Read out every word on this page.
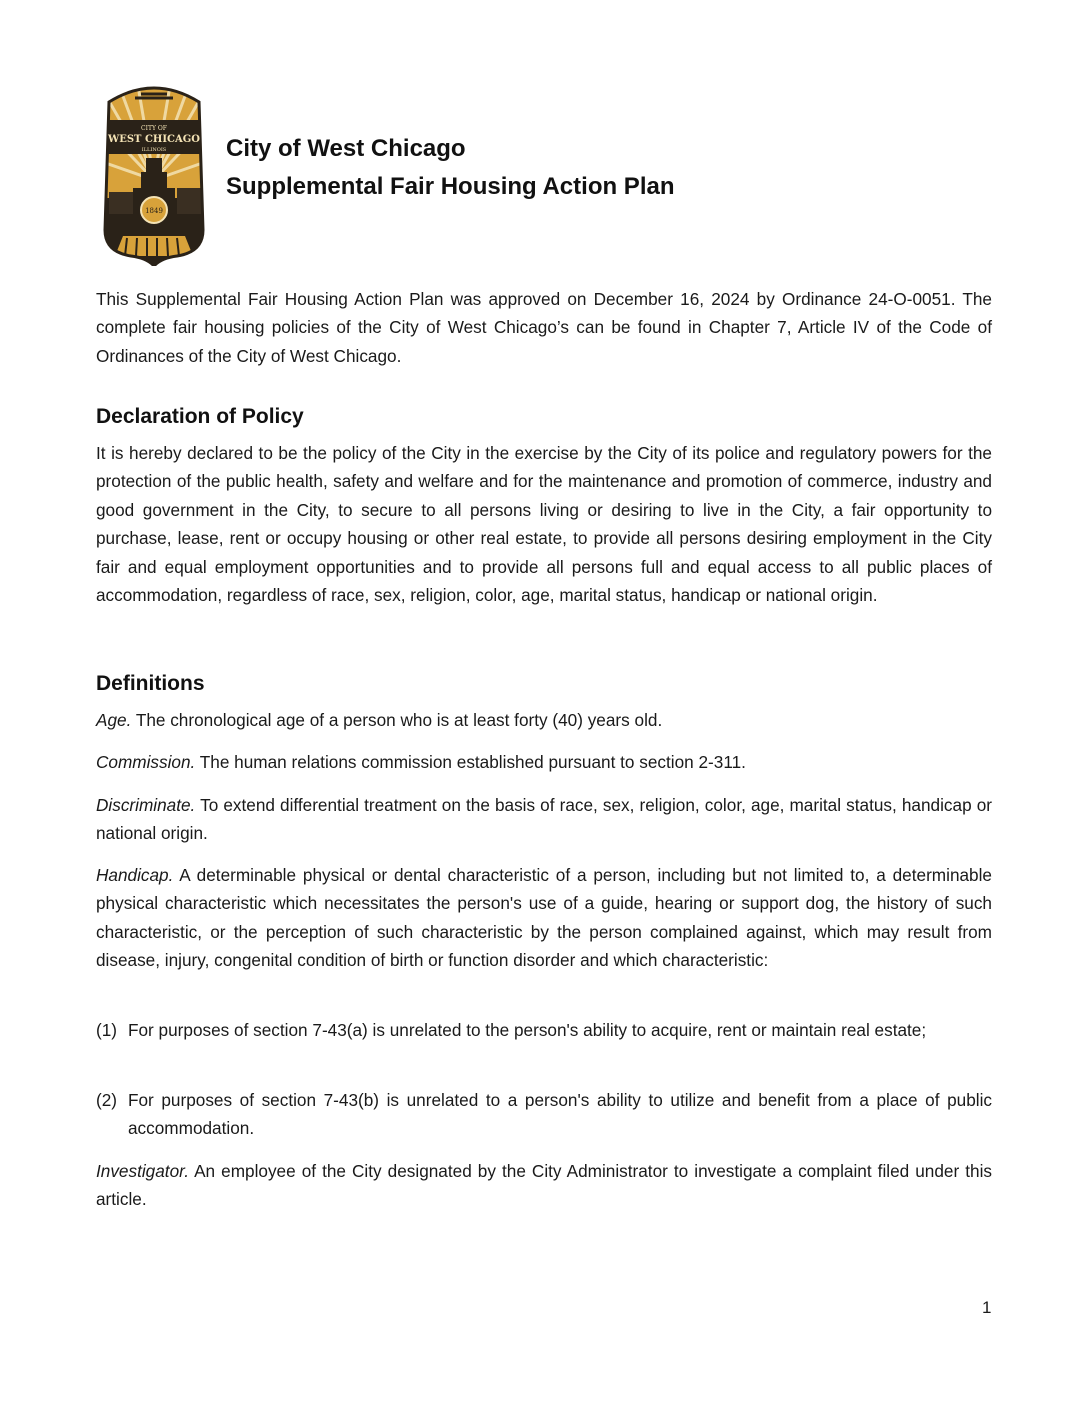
CITY OF
WEST CHICAGO
ILLINOIS
1849
City of West Chicago
Supplemental Fair Housing Action Plan

This Supplemental Fair Housing Action Plan was approved on December 16, 2024 by Ordinance 24-O-0051. The complete fair housing policies of the City of West Chicago’s can be found in Chapter 7, Article IV of the Code of Ordinances of the City of West Chicago.

Declaration of Policy

It is hereby declared to be the policy of the City in the exercise by the City of its police and regulatory powers for the protection of the public health, safety and welfare and for the maintenance and promotion of commerce, industry and good government in the City, to secure to all persons living or desiring to live in the City, a fair opportunity to purchase, lease, rent or occupy housing or other real estate, to provide all persons desiring employment in the City fair and equal employment opportunities and to provide all persons full and equal access to all public places of accommodation, regardless of race, sex, religion, color, age, marital status, handicap or national origin.

Definitions

Age. The chronological age of a person who is at least forty (40) years old.

Commission. The human relations commission established pursuant to section 2-311.

Discriminate. To extend differential treatment on the basis of race, sex, religion, color, age, marital status, handicap or national origin.

Handicap. A determinable physical or dental characteristic of a person, including but not limited to, a determinable physical characteristic which necessitates the person's use of a guide, hearing or support dog, the history of such characteristic, or the perception of such characteristic by the person complained against, which may result from disease, injury, congenital condition of birth or function disorder and which characteristic:

(1) For purposes of section 7-43(a) is unrelated to the person's ability to acquire, rent or maintain real estate;
(2) For purposes of section 7-43(b) is unrelated to a person's ability to utilize and benefit from a place of public accommodation.

Investigator. An employee of the City designated by the City Administrator to investigate a complaint filed under this article.

1
